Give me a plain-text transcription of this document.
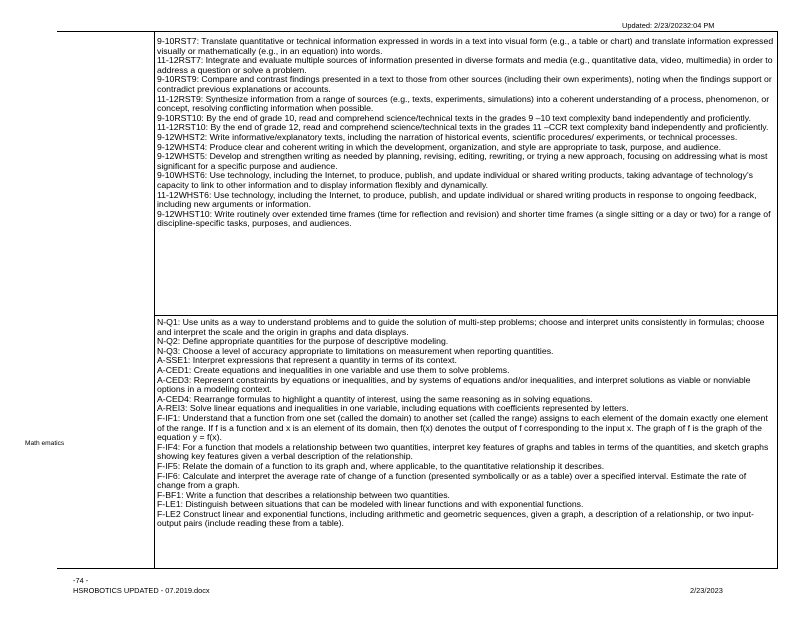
Updated: 2/23/20232:04 PM

9-10RST7: Translate quantitative or technical information expressed in words in a text into visual form (e.g., a table or chart) and translate information expressed visually or mathematically (e.g., in an equation) into words.

11-12RST7: Integrate and evaluate multiple sources of information presented in diverse formats and media (e.g., quantitative data, video, multimedia) in order to address a question or solve a problem.

9-10RST9: Compare and contrast findings presented in a text to those from other sources (including their own experiments), noting when the findings support or contradict previous explanations or accounts.

11-12RST9: Synthesize information from a range of sources (e.g., texts, experiments, simulations) into a coherent understanding of a process, phenomenon, or concept, resolving conflicting information when possible.

9-10RST10: By the end of grade 10, read and comprehend science/technical texts in the grades 9 –10 text complexity band independently and proficiently.

11-12RST10: By the end of grade 12, read and comprehend science/technical texts in the grades 11 –CCR text complexity band independently and proficiently.

9-12WHST2: Write informative/explanatory texts, including the narration of historical events, scientific procedures/ experiments, or technical processes.

9-12WHST4: Produce clear and coherent writing in which the development, organization, and style are appropriate to task, purpose, and audience.

9-12WHST5: Develop and strengthen writing as needed by planning, revising, editing, rewriting, or trying a new approach, focusing on addressing what is most significant for a specific purpose and audience.

9-10WHST6: Use technology, including the Internet, to produce, publish, and update individual or shared writing products, taking advantage of technology's capacity to link to other information and to display information flexibly and dynamically.

11-12WHST6: Use technology, including the Internet, to produce, publish, and update individual or shared writing products in response to ongoing feedback, including new arguments or information.

9-12WHST10: Write routinely over extended time frames (time for reflection and revision) and shorter time frames (a single sitting or a day or two) for a range of discipline-specific tasks, purposes, and audiences.

N-Q1: Use units as a way to understand problems and to guide the solution of multi-step problems; choose and interpret units consistently in formulas; choose and interpret the scale and the origin in graphs and data displays.

N-Q2: Define appropriate quantities for the purpose of descriptive modeling.

N-Q3: Choose a level of accuracy appropriate to limitations on measurement when reporting quantities.

A-SSE1: Interpret expressions that represent a quantity in terms of its context.

A-CED1: Create equations and inequalities in one variable and use them to solve problems.

A-CED3: Represent constraints by equations or inequalities, and by systems of equations and/or inequalities, and interpret solutions as viable or nonviable options in a modeling context.

A-CED4: Rearrange formulas to highlight a quantity of interest, using the same reasoning as in solving equations.

A-REI3: Solve linear equations and inequalities in one variable, including equations with coefficients represented by letters.

F-IF1: Understand that a function from one set (called the domain) to another set (called the range) assigns to each element of the domain exactly one element of the range. If f is a function and x is an element of its domain, then f(x) denotes the output of f corresponding to the input x. The graph of f is the graph of the equation y = f(x).

F-IF4: For a function that models a relationship between two quantities, interpret key features of graphs and tables in terms of the quantities, and sketch graphs showing key features given a verbal description of the relationship.

F-IF5: Relate the domain of a function to its graph and, where applicable, to the quantitative relationship it describes.

F-IF6: Calculate and interpret the average rate of change of a function (presented symbolically or as a table) over a specified interval. Estimate the rate of change from a graph.

F-BF1: Write a function that describes a relationship between two quantities.

F-LE1: Distinguish between situations that can be modeled with linear functions and with exponential functions.

F-LE2 Construct linear and exponential functions, including arithmetic and geometric sequences, given a graph, a description of a relationship, or two input-output pairs (include reading these from a table).

Math ematics
-74 -
HSROBOTICS UPDATED - 07.2019.docx	2/23/2023
